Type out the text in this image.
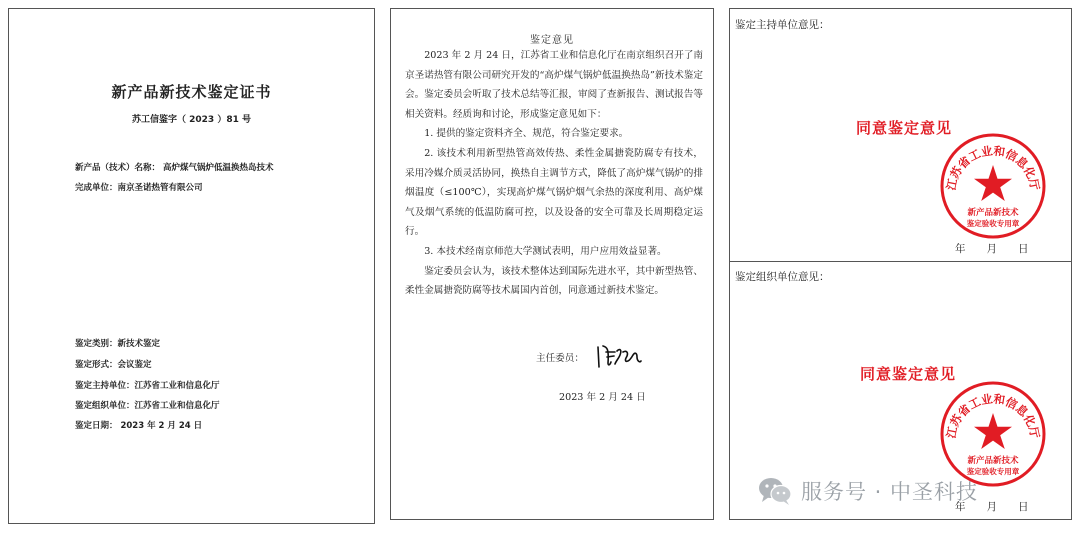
新产品新技术鉴定证书
苏工信鉴字（ 2023 ）81 号
新产品（技术）名称： 高炉煤气锅炉低温换热岛技术
完成单位：南京圣诺热管有限公司
鉴定类别：新技术鉴定
鉴定形式：会议鉴定
鉴定主持单位：江苏省工业和信息化厅
鉴定组织单位：江苏省工业和信息化厅
鉴定日期： 2023 年 2 月 24 日
鉴定意见

2023 年 2 月 24 日，江苏省工业和信息化厅在南京组织召开了南京圣诺热管有限公司研究开发的“高炉煤气锅炉低温换热岛”新技术鉴定会。鉴定委员会听取了技术总结等汇报，审阅了查新报告、测试报告等相关资料。经质询和讨论，形成鉴定意见如下：

1. 提供的鉴定资料齐全、规范，符合鉴定要求。

2. 该技术利用新型热管高效传热、柔性金属搪瓷防腐专有技术，采用冷媒介质灵活协同，换热自主调节方式，降低了高炉煤气锅炉的排烟温度（≤100℃），实现高炉煤气锅炉烟气余热的深度利用、高炉煤气及烟气系统的低温防腐可控，以及设备的安全可靠及长周期稳定运行。

3. 本技术经南京师范大学测试表明，用户应用效益显著。

鉴定委员会认为，该技术整体达到国际先进水平，其中新型热管、柔性金属搪瓷防腐等技术属国内首创，同意通过新技术鉴定。

主任委员：
2023 年 2 月 24 日
鉴定主持单位意见：
同意鉴定意见
江苏省工业和信息化厅
新产品新技术
鉴定验收专用章
年　　月　　日
鉴定组织单位意见：
同意鉴定意见
江苏省工业和信息化厅
新产品新技术
鉴定验收专用章
年　　月　　日
服务号 · 中圣科技
